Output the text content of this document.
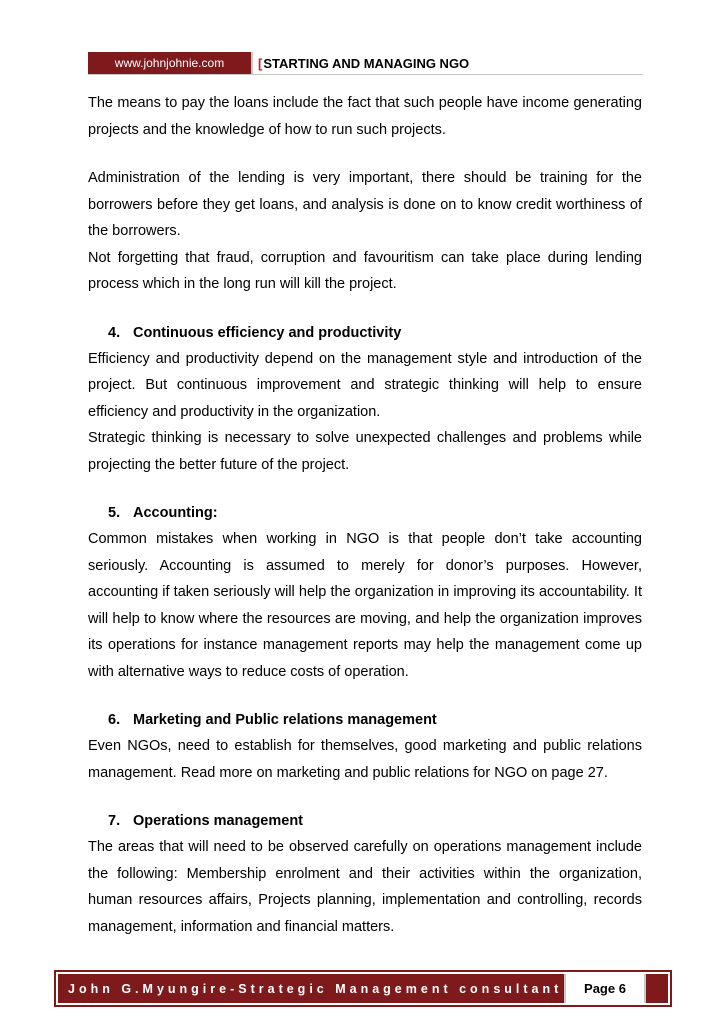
www.johnjohnie.com	[ STARTING AND MANAGING NGO

The means to pay the loans include the fact that such people have income generating projects and the knowledge of how to run such projects.

Administration of the lending is very important, there should be training for the borrowers before they get loans, and analysis is done on to know credit worthiness of the borrowers.

Not forgetting that fraud, corruption and favouritism can take place during lending process which in the long run will kill the project.

4. Continuous efficiency and productivity

Efficiency and productivity depend on the management style and introduction of the project. But continuous improvement and strategic thinking will help to ensure efficiency and productivity in the organization.

Strategic thinking is necessary to solve unexpected challenges and problems while projecting the better future of the project.

5. Accounting:

Common mistakes when working in NGO is that people don’t take accounting seriously. Accounting is assumed to merely for donor’s purposes. However, accounting if taken seriously will help the organization in improving its accountability. It will help to know where the resources are moving, and help the organization improves its operations for instance management reports may help the management come up with alternative ways to reduce costs of operation.

6. Marketing and Public relations management

Even NGOs, need to establish for themselves, good marketing and public relations management. Read more on marketing and public relations for NGO on page 27.

7. Operations management

The areas that will need to be observed carefully on operations management include the following: Membership enrolment and their activities within the organization, human resources affairs, Projects planning, implementation and controlling, records management, information and financial matters.

John G.Myungire-Strategic Management consultant Page 6
